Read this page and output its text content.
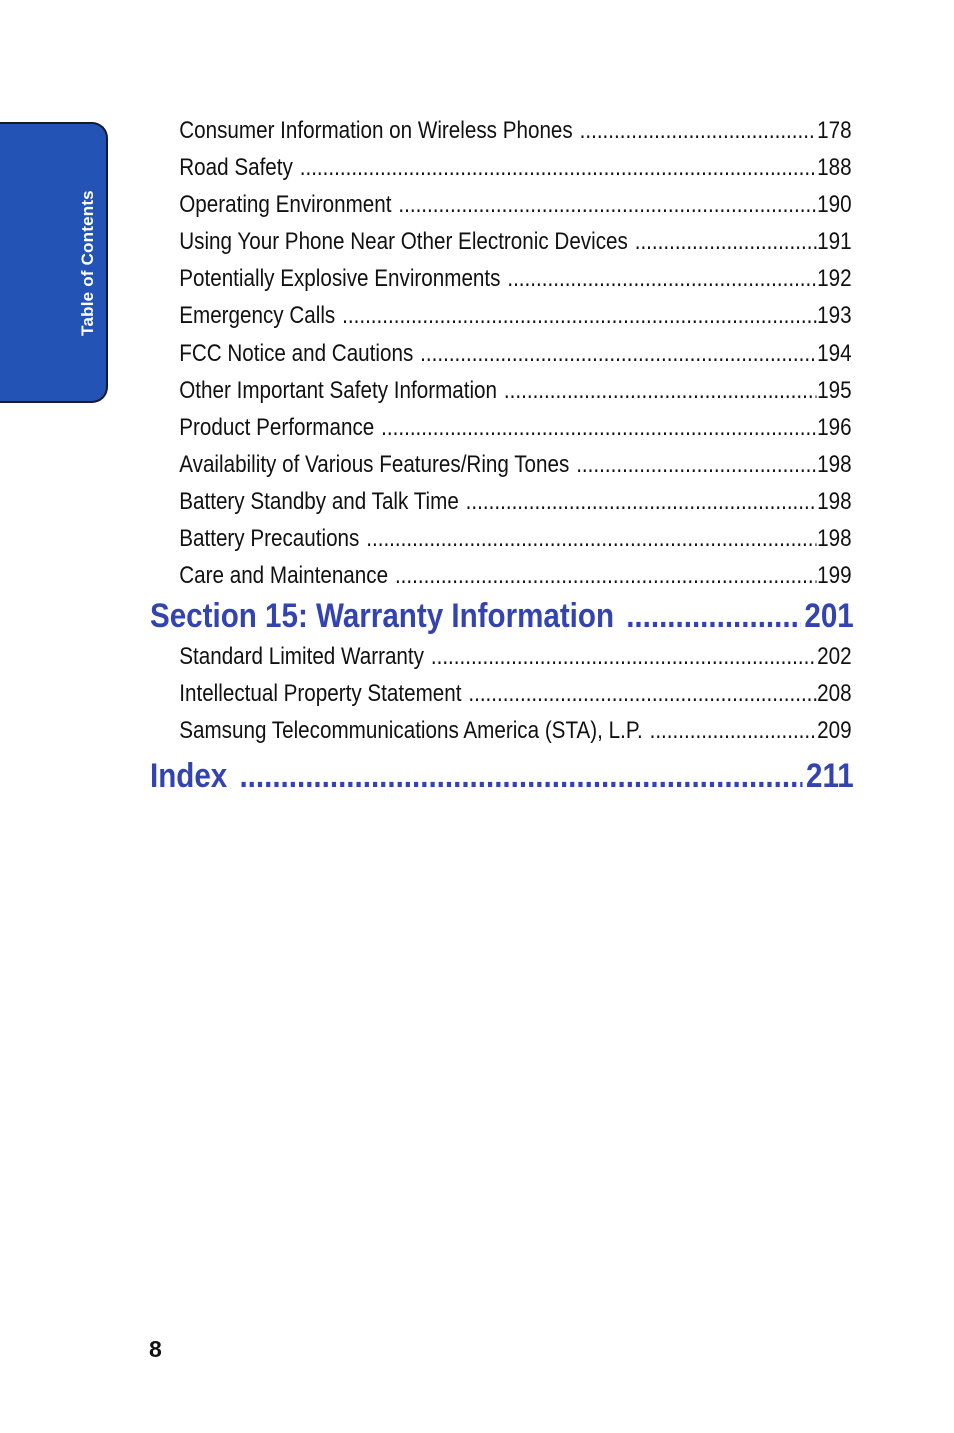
Table of Contents
Consumer Information on Wireless Phones .....	178
Road Safety .....	188
Operating Environment .....	190
Using Your Phone Near Other Electronic Devices .....	191
Potentially Explosive Environments .....	192
Emergency Calls .....	193
FCC Notice and Cautions .....	194
Other Important Safety Information .....	195
Product Performance .....	196
Availability of Various Features/Ring Tones .....	198
Battery Standby and Talk Time .....	198
Battery Precautions .....	198
Care and Maintenance .....	199
Section 15: Warranty Information .....	201
Standard Limited Warranty .....	202
Intellectual Property Statement .....	208
Samsung Telecommunications America (STA), L.P. .....	209
Index .....	211
8
